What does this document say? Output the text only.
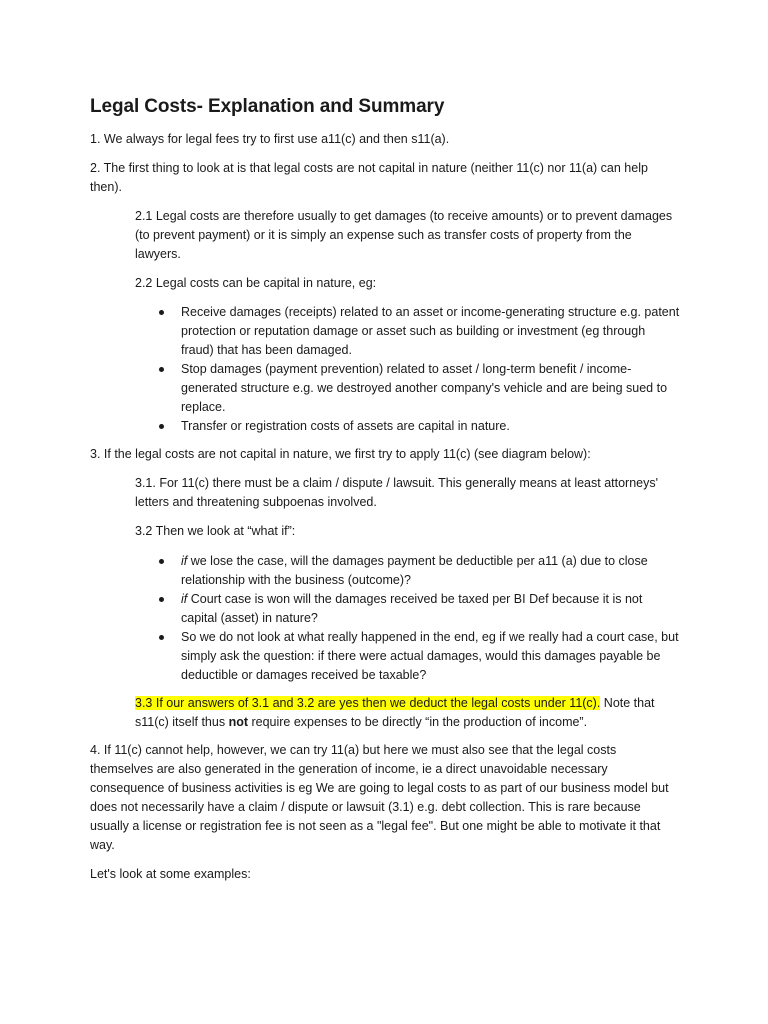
Legal Costs- Explanation and Summary

1. We always for legal fees try to first use a11(c) and then s11(a).

2. The first thing to look at is that legal costs are not capital in nature (neither 11(c) nor 11(a) can help then).

2.1 Legal costs are therefore usually to get damages (to receive amounts) or to prevent damages (to prevent payment) or it is simply an expense such as transfer costs of property from the lawyers.

2.2 Legal costs can be capital in nature, eg:

Receive damages (receipts) related to an asset or income-generating structure e.g. patent protection or reputation damage or asset such as building or investment (eg through fraud) that has been damaged.
Stop damages (payment prevention) related to asset / long-term benefit / income-generated structure e.g. we destroyed another company's vehicle and are being sued to replace.
Transfer or registration costs of assets are capital in nature.

3. If the legal costs are not capital in nature, we first try to apply 11(c) (see diagram below):

3.1. For 11(c) there must be a claim / dispute / lawsuit. This generally means at least attorneys' letters and threatening subpoenas involved.

3.2 Then we look at “what if”:

if we lose the case, will the damages payment be deductible per a11 (a) due to close relationship with the business (outcome)?
if Court case is won will the damages received be taxed per BI Def because it is not capital (asset) in nature?
So we do not look at what really happened in the end, eg if we really had a court case, but simply ask the question: if there were actual damages, would this damages payable be deductible or damages received be taxable?

3.3 If our answers of 3.1 and 3.2 are yes then we deduct the legal costs under 11(c). Note that s11(c) itself thus not require expenses to be directly “in the production of income”.

4. If 11(c) cannot help, however, we can try 11(a) but here we must also see that the legal costs themselves are also generated in the generation of income, ie a direct unavoidable necessary consequence of business activities is eg We are going to legal costs to as part of our business model but does not necessarily have a claim / dispute or lawsuit (3.1) e.g. debt collection. This is rare because usually a license or registration fee is not seen as a "legal fee". But one might be able to motivate it that way.

Let's look at some examples:
